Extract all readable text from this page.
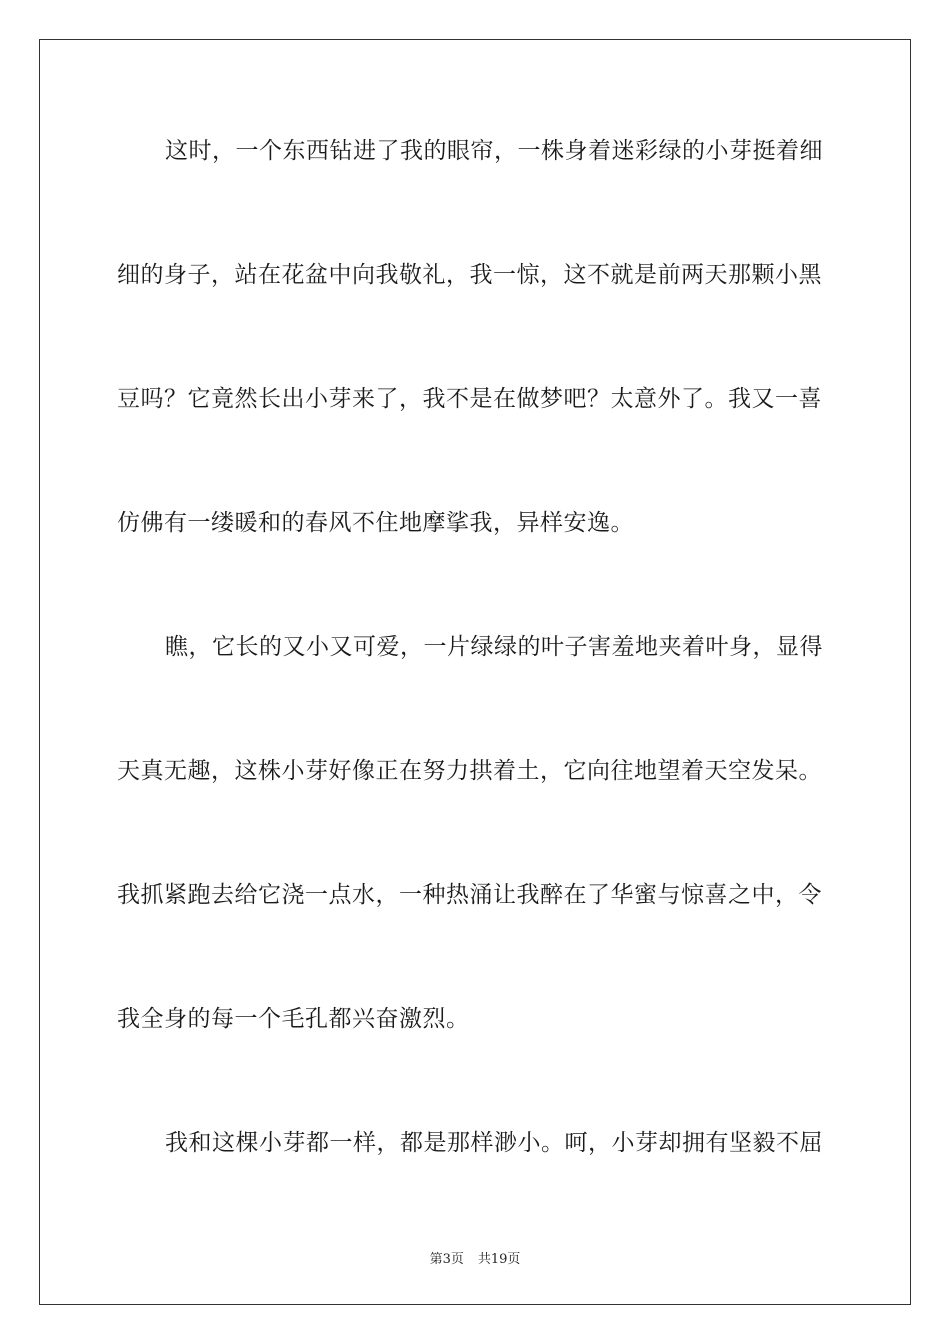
这时，一个东西钻进了我的眼帘，一株身着迷彩绿的小芽挺着细
细的身子，站在花盆中向我敬礼，我一惊，这不就是前两天那颗小黑
豆吗？它竟然长出小芽来了，我不是在做梦吧？太意外了。我又一喜
仿佛有一缕暖和的春风不住地摩挲我，异样安逸。
瞧，它长的又小又可爱，一片绿绿的叶子害羞地夹着叶身，显得
天真无趣，这株小芽好像正在努力拱着土，它向往地望着天空发呆。
我抓紧跑去给它浇一点水，一种热涌让我醉在了华蜜与惊喜之中，令
我全身的每一个毛孔都兴奋激烈。
我和这棵小芽都一样，都是那样渺小。呵，小芽却拥有坚毅不屈
第3页 共19页
